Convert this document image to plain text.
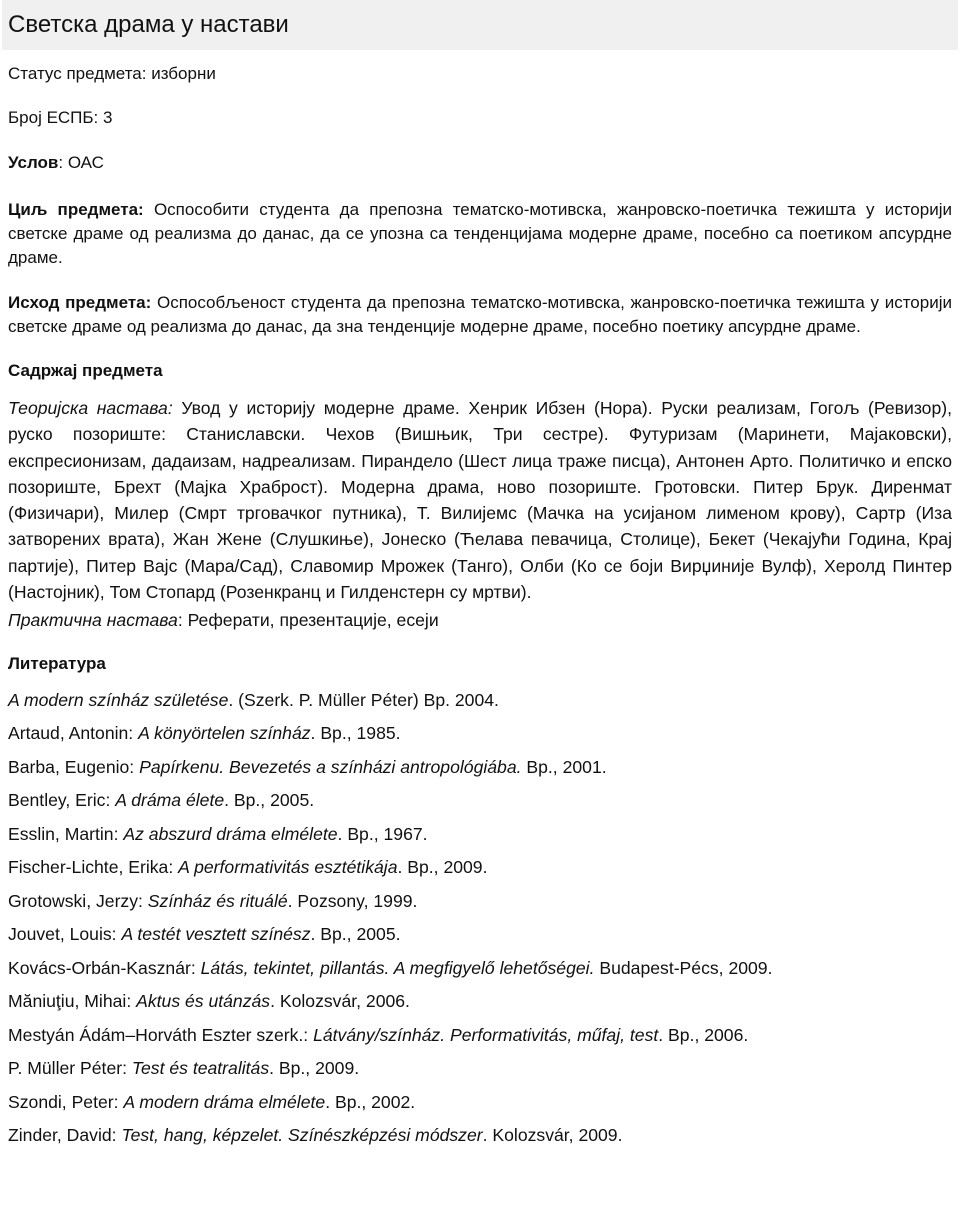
Светска драма у настави

Статус предмета: изборни

Број ЕСПБ: 3

Услов: ОАС

Циљ предмета: Оспособити студента да препозна тематско-мотивска, жанровско-поетичка тежишта у историји светске драме од реализма до данас, да се упозна са тенденцијама модерне драме, посебно са поетиком апсурдне драме.

Исход предмета: Оспособљеност студента да препозна тематско-мотивска, жанровско-поетичка тежишта у историји светске драме од реализма до данас, да зна тенденције модерне драме, посебно поетику апсурдне драме.

Садржај предмета

Теоријска настава: Увод у историју модерне драме. Хенрик Ибзен (Нора). Руски реализам, Гогољ (Ревизор), руско позориште: Станиславски. Чехов (Вишњик, Три сестре). Футуризам (Маринети, Мајаковски), експресионизам, дадаизам, надреализам. Пирандело (Шест лица траже писца), Антонен Арто. Политичко и епско позориште, Брехт (Мајка Храброст). Модерна драма, ново позориште. Гротовски. Питер Брук. Диренмат (Физичари), Милер (Смрт трговачког путника), Т. Вилијемс (Мачка на усијаном лименом крову), Сартр (Иза затворених врата), Жан Жене (Слушкиње), Јонеско (Ћелава певачица, Столице), Бекет (Чекајући Година, Крај партије), Питер Вајс (Мара/Сад), Славомир Мрожек (Танго), Олби (Ко се боји Вирџиније Вулф), Херолд Пинтер (Настојник), Том Стопард (Розенкранц и Гилденстерн су мртви).

Практична настава: Реферати, презентације, есеји

Литература

A modern színház születése. (Szerk. P. Müller Péter) Bp. 2004.
Artaud, Antonin: A könyörtelen színház. Bp., 1985.
Barba, Eugenio: Papírkenu. Bevezetés a színházi antropológiába. Bp., 2001.
Bentley, Eric: A dráma élete. Bp., 2005.
Esslin, Martin: Az abszurd dráma elmélete. Bp., 1967.
Fischer-Lichte, Erika: A performativitás esztétikája. Bp., 2009.
Grotowski, Jerzy: Színház és rituálé. Pozsony, 1999.
Jouvet, Louis: A testét vesztett színész. Bp., 2005.
Kovács-Orbán-Kasznár: Látás, tekintet, pillantás. A megfigyelő lehetőségei. Budapest-Pécs, 2009.
Măniuţiu, Mihai: Aktus és utánzás. Kolozsvár, 2006.
Mestyán Ádám–Horváth Eszter szerk.: Látvány/színház. Performativitás, műfaj, test. Bp., 2006.
P. Müller Péter: Test és teatralitás. Bp., 2009.
Szondi, Peter: A modern dráma elmélete. Bp., 2002.
Zinder, David: Test, hang, képzelet. Színészképzési módszer. Kolozsvár, 2009.
